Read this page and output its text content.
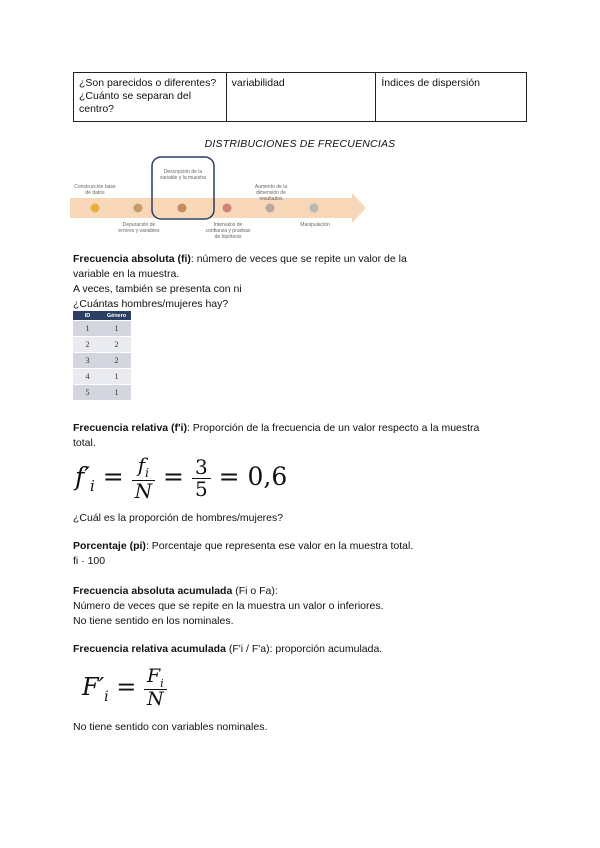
¿Son parecidos o diferentes? ¿Cuánto se separan del centro?	variabilidad	Índices de dispersión
DISTRIBUCIONES DE FRECUENCIAS
Construcción base de datos
Descripción de la variable y la muestra
Aumento de la dimensión de resultados
Depuración de errores y variables
Intervalos de confianza y pruebas de hipótesis
Manipulación

Frecuencia absoluta (fi): número de veces que se repite un valor de la
variable en la muestra.
A veces, también se presenta con ni
¿Cuántas hombres/mujeres hay?

ID	Género
1	1
2	2
3	2
4	1
5	1

Frecuencia relativa (f'i): Proporción de la frecuencia de un valor respecto a la muestra
total.

$f'_i = \frac{f_i}{N} = \frac{3}{5} = 0,6$

¿Cuál es la proporción de hombres/mujeres?

Porcentaje (pi): Porcentaje que representa ese valor en la muestra total.
fi · 100

Frecuencia absoluta acumulada (Fi o Fa):
Número de veces que se repite en la muestra un valor o inferiores.
No tiene sentido en los nominales.

Frecuencia relativa acumulada (F'i / F'a): proporción acumulada.

$F'_i = \frac{F_i}{N}$

No tiene sentido con variables nominales.
